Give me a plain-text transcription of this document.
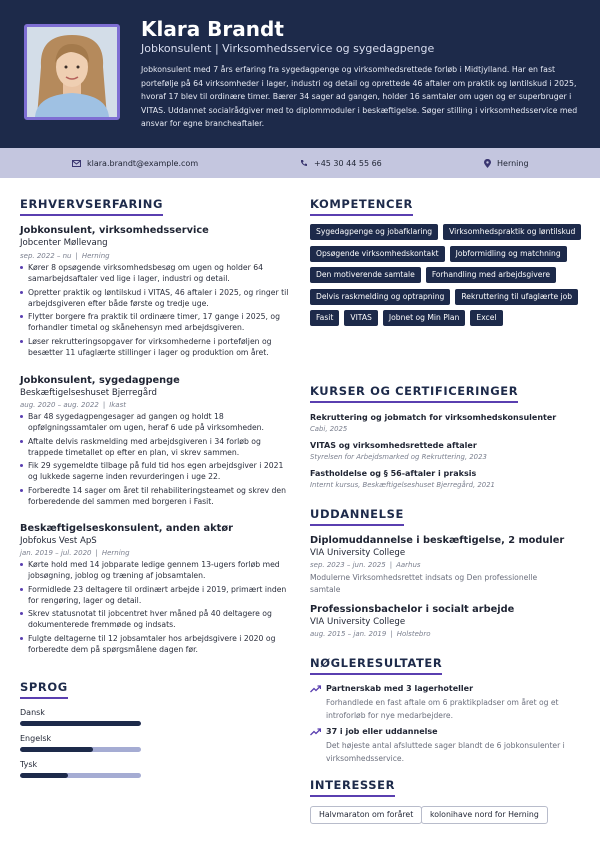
Klara Brandt
Jobkonsulent | Virksomhedsservice og sygedagpenge
Jobkonsulent med 7 års erfaring fra sygedagpenge og virksomhedsrettede forløb i Midtjylland. Har en fast portefølje på 64 virksomheder i lager, industri og detail og oprettede 46 aftaler om praktik og løntilskud i 2025, hvoraf 17 blev til ordinære timer. Bærer 34 sager ad gangen, holder 16 samtaler om ugen og er superbruger i VITAS. Uddannet socialrådgiver med to diplommoduler i beskæftigelse. Søger stilling i virksomhedsservice med ansvar for egne brancheaftaler.
klara.brandt@example.com	+45 30 44 55 66	Herning
ERHVERVSERFARING
Jobkonsulent, virksomhedsservice
Jobcenter Møllevang
sep. 2022 – nu | Herning
Kører 8 opsøgende virksomhedsbesøg om ugen og holder 64 samarbejdsaftaler ved lige i lager, industri og detail.
Opretter praktik og løntilskud i VITAS, 46 aftaler i 2025, og ringer til arbejdsgiveren efter både første og tredje uge.
Flytter borgere fra praktik til ordinære timer, 17 gange i 2025, og forhandler timetal og skånehensyn med arbejdsgiveren.
Løser rekrutteringsopgaver for virksomhederne i porteføljen og besætter 11 ufaglærte stillinger i lager og produktion om året.
Jobkonsulent, sygedagpenge
Beskæftigelseshuset Bjerregård
aug. 2020 – aug. 2022 | Ikast
Bar 48 sygedagpengesager ad gangen og holdt 18 opfølgningssamtaler om ugen, heraf 6 ude på virksomheden.
Aftalte delvis raskmelding med arbejdsgiveren i 34 forløb og trappede timetallet op efter en plan, vi skrev sammen.
Fik 29 sygemeldte tilbage på fuld tid hos egen arbejdsgiver i 2021 og lukkede sagerne inden revurderingen i uge 22.
Forberedte 14 sager om året til rehabiliteringsteamet og skrev den forberedende del sammen med borgeren i Fasit.
Beskæftigelseskonsulent, anden aktør
Jobfokus Vest ApS
jan. 2019 – jul. 2020 | Herning
Kørte hold med 14 jobparate ledige gennem 13-ugers forløb med jobsøgning, joblog og træning af jobsamtalen.
Formidlede 23 deltagere til ordinært arbejde i 2019, primært inden for rengøring, lager og detail.
Skrev statusnotat til jobcentret hver måned på 40 deltagere og dokumenterede fremmøde og indsats.
Fulgte deltagerne til 12 jobsamtaler hos arbejdsgivere i 2020 og forberedte dem på spørgsmålene dagen før.
SPROG
Dansk
Engelsk
Tysk
KOMPETENCER
Sygedagpenge og jobafklaring	Virksomhedspraktik og løntilskud
Opsøgende virksomhedskontakt	Jobformidling og matchning
Den motiverende samtale	Forhandling med arbejdsgivere
Delvis raskmelding og optrapning	Rekruttering til ufaglærte job
Fasit	VITAS	Jobnet og Min Plan	Excel
KURSER OG CERTIFICERINGER
Rekruttering og jobmatch for virksomhedskonsulenter
Cabi, 2025
VITAS og virksomhedsrettede aftaler
Styrelsen for Arbejdsmarked og Rekruttering, 2023
Fastholdelse og § 56-aftaler i praksis
Internt kursus, Beskæftigelseshuset Bjerregård, 2021
UDDANNELSE
Diplomuddannelse i beskæftigelse, 2 moduler
VIA University College
sep. 2023 – jun. 2025 | Aarhus
Modulerne Virksomhedsrettet indsats og Den professionelle samtale
Professionsbachelor i socialt arbejde
VIA University College
aug. 2015 – jan. 2019 | Holstebro
NØGLERESULTATER
Partnerskab med 3 lagerhoteller
Forhandlede en fast aftale om 6 praktikpladser om året og et introforløb for nye medarbejdere.
37 i job eller uddannelse
Det højeste antal afsluttede sager blandt de 6 jobkonsulenter i virksomhedsservice.
INTERESSER
Halvmaraton om foråret	kolonihave nord for Herning
